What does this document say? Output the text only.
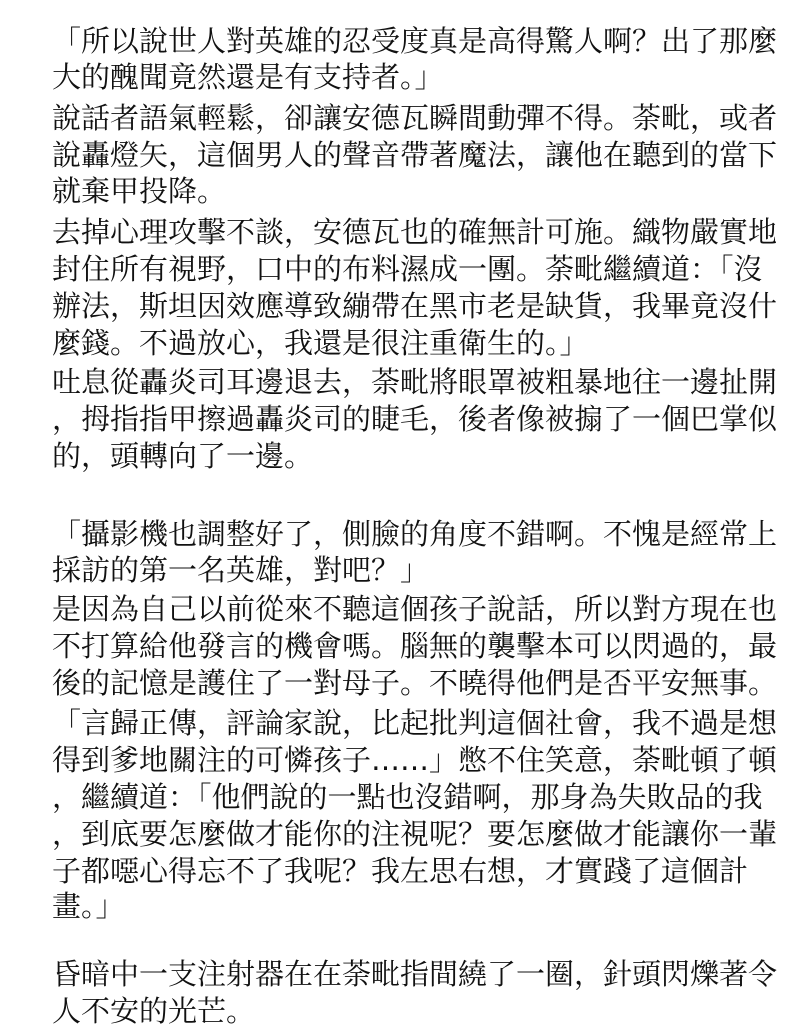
「所以說世人對英雄的忍受度真是高得驚人啊？出了那麼
大的醜聞竟然還是有支持者。」
說話者語氣輕鬆，卻讓安德瓦瞬間動彈不得。荼毗，或者
說轟燈矢，這個男人的聲音帶著魔法，讓他在聽到的當下
就棄甲投降。
去掉心理攻擊不談，安德瓦也的確無計可施。織物嚴實地
封住所有視野，口中的布料濕成一團。荼毗繼續道：「沒
辦法，斯坦因效應導致繃帶在黑市老是缺貨，我畢竟沒什
麼錢。不過放心，我還是很注重衛生的。」
吐息從轟炎司耳邊退去，荼毗將眼罩被粗暴地往一邊扯開
，拇指指甲擦過轟炎司的睫毛，後者像被搧了一個巴掌似
的，頭轉向了一邊。
「攝影機也調整好了，側臉的角度不錯啊。不愧是經常上
採訪的第一名英雄，對吧？」
是因為自己以前從來不聽這個孩子說話，所以對方現在也
不打算給他發言的機會嗎。腦無的襲擊本可以閃過的，最
後的記憶是護住了一對母子。不曉得他們是否平安無事。
「言歸正傳，評論家說，比起批判這個社會，我不過是想
得到爹地關注的可憐孩子……」憋不住笑意，荼毗頓了頓
，繼續道：「他們說的一點也沒錯啊，那身為失敗品的我
，到底要怎麼做才能你的注視呢？要怎麼做才能讓你一輩
子都噁心得忘不了我呢？我左思右想，才實踐了這個計
畫。」
昏暗中一支注射器在在荼毗指間繞了一圈，針頭閃爍著令
人不安的光芒。
